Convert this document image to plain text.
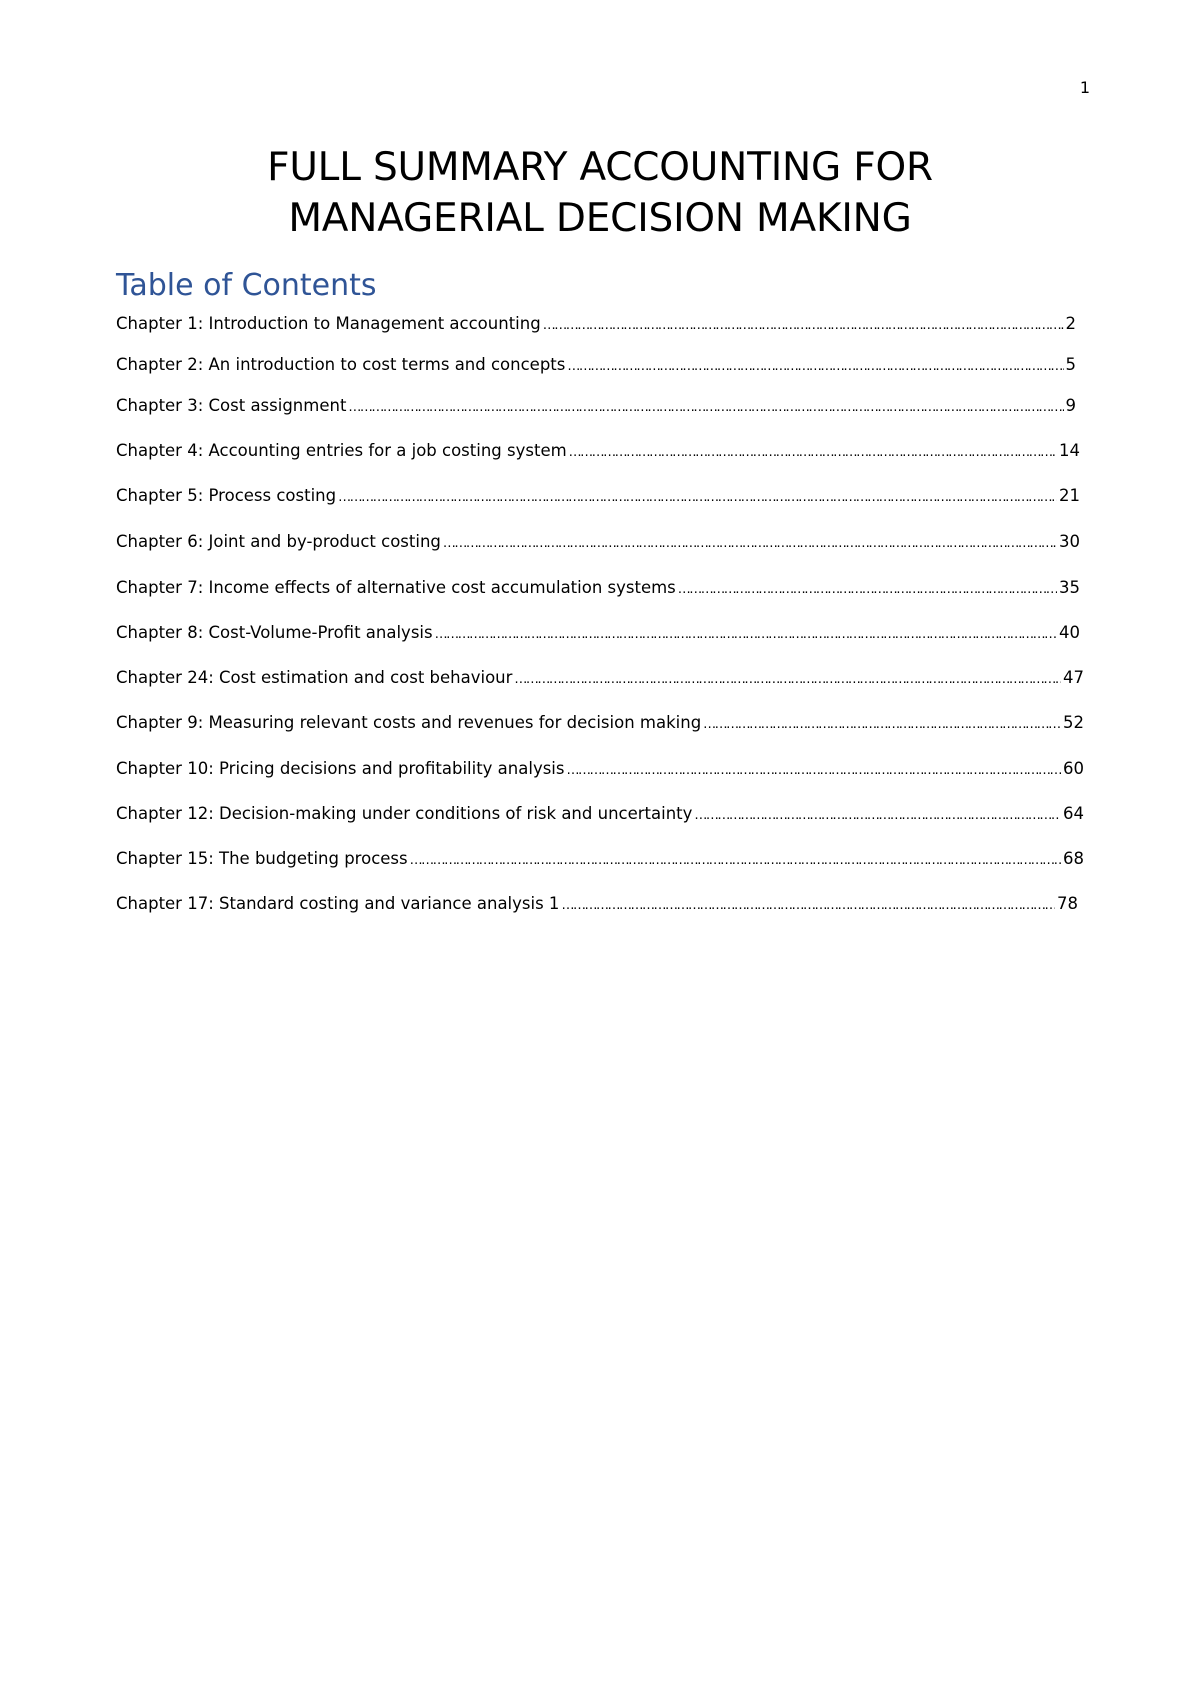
1
FULL SUMMARY ACCOUNTING FOR
MANAGERIAL DECISION MAKING
Table of Contents
Chapter 1: Introduction to Management accounting ……………………………………………………………………………………………………………………………………………………………………………………………………………………………………………………	2
Chapter 2: An introduction to cost terms and concepts ……………………………………………………………………………………………………………………………………………………………………………………………………………………………………………………	5
Chapter 3: Cost assignment ……………………………………………………………………………………………………………………………………………………………………………………………………………………………………………………	9
Chapter 4: Accounting entries for a job costing system ……………………………………………………………………………………………………………………………………………………………………………………………………………………………………………………	14
Chapter 5: Process costing ……………………………………………………………………………………………………………………………………………………………………………………………………………………………………………………	21
Chapter 6: Joint and by-product costing ……………………………………………………………………………………………………………………………………………………………………………………………………………………………………………………	30
Chapter 7: Income effects of alternative cost accumulation systems ……………………………………………………………………………………………………………………………………………………………………………………………………………………………………………………	35
Chapter 8: Cost-Volume-Profit analysis ……………………………………………………………………………………………………………………………………………………………………………………………………………………………………………………	40
Chapter 24: Cost estimation and cost behaviour ……………………………………………………………………………………………………………………………………………………………………………………………………………………………………………………	47
Chapter 9: Measuring relevant costs and revenues for decision making ……………………………………………………………………………………………………………………………………………………………………………………………………………………………………………………	52
Chapter 10: Pricing decisions and profitability analysis ……………………………………………………………………………………………………………………………………………………………………………………………………………………………………………………	60
Chapter 12: Decision-making under conditions of risk and uncertainty ……………………………………………………………………………………………………………………………………………………………………………………………………………………………………………………	64
Chapter 15: The budgeting process ……………………………………………………………………………………………………………………………………………………………………………………………………………………………………………………	68
Chapter 17: Standard costing and variance analysis 1 ……………………………………………………………………………………………………………………………………………………………………………………………………………………………………………………	78
